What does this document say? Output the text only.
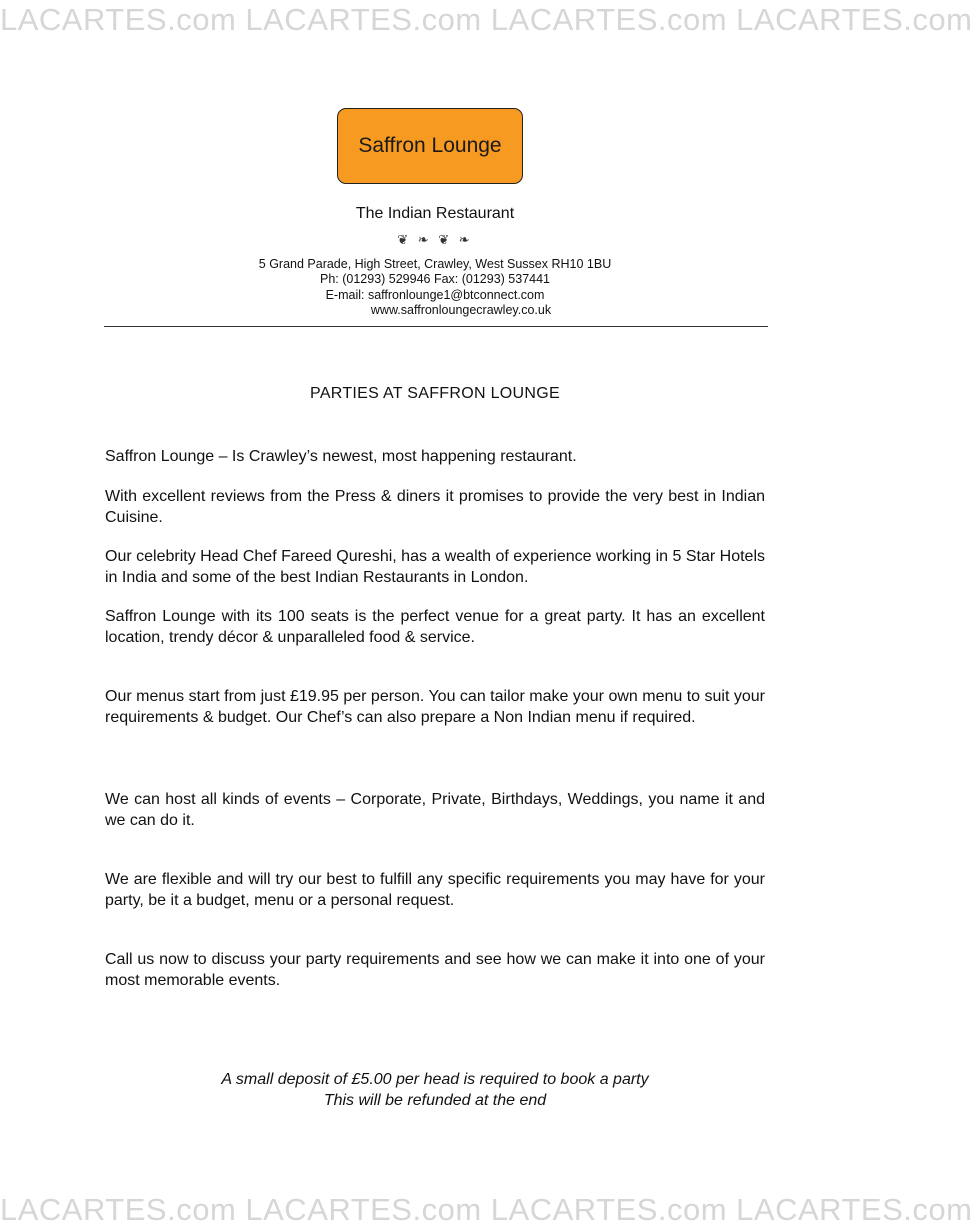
LACARTES.com LACARTES.com LACARTES.com LACARTES.com
Saffron Lounge
The Indian Restaurant
❦ ❧ ❦ ❧
5 Grand Parade, High Street, Crawley, West Sussex RH10 1BU
Ph: (01293) 529946 Fax: (01293) 537441
E-mail: saffronlounge1@btconnect.com
www.saffronloungecrawley.co.uk
PARTIES AT SAFFRON LOUNGE

Saffron Lounge – Is Crawley’s newest, most happening restaurant.

With excellent reviews from the Press & diners it promises to provide the very best in Indian Cuisine.

Our celebrity Head Chef Fareed Qureshi, has a wealth of experience working in 5 Star Hotels in India and some of the best Indian Restaurants in London.

Saffron Lounge with its 100 seats is the perfect venue for a great party. It has an excellent location, trendy décor & unparalleled food & service.

Our menus start from just £19.95 per person. You can tailor make your own menu to suit your requirements & budget. Our Chef’s can also prepare a Non Indian menu if required.

We can host all kinds of events – Corporate, Private, Birthdays, Weddings, you name it and we can do it.

We are flexible and will try our best to fulfill any specific requirements you may have for your party, be it a budget, menu or a personal request.

Call us now to discuss your party requirements and see how we can make it into one of your most memorable events.

A small deposit of £5.00 per head is required to book a party
This will be refunded at the end
LACARTES.com LACARTES.com LACARTES.com LACARTES.com
